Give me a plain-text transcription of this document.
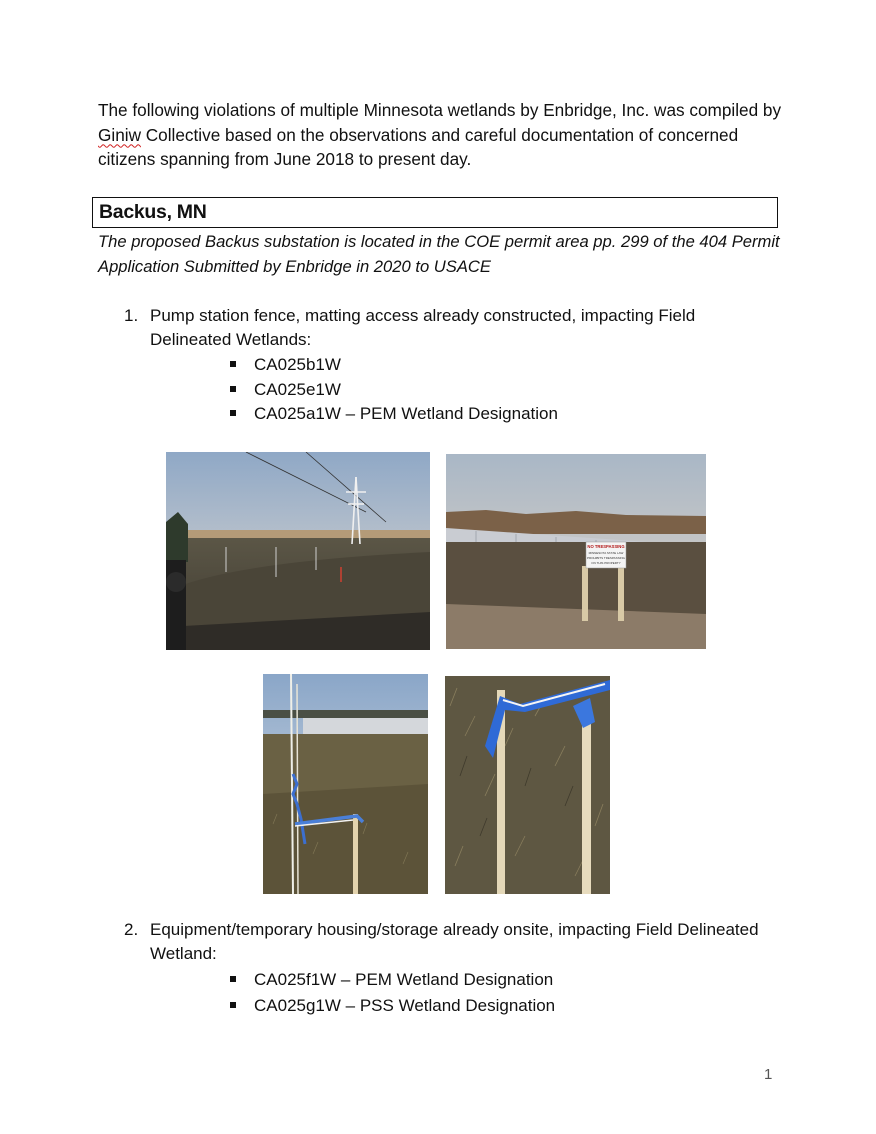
The following violations of multiple Minnesota wetlands by Enbridge, Inc. was compiled by Giniw Collective based on the observations and careful documentation of concerned citizens spanning from June 2018 to present day.

Backus, MN

The proposed Backus substation is located in the COE permit area pp. 299 of the 404 Permit Application Submitted by Enbridge in 2020 to USACE

1. Pump station fence, matting access already constructed, impacting Field Delineated Wetlands:
CA025b1W
CA025e1W
CA025a1W – PEM Wetland Designation
NO TRESPASSING
MINNESOTA STATE LAW
PROHIBITS TRESPASSING
ON THIS PROPERTY
2. Equipment/temporary housing/storage already onsite, impacting Field Delineated Wetland:
CA025f1W – PEM Wetland Designation
CA025g1W – PSS Wetland Designation
1
